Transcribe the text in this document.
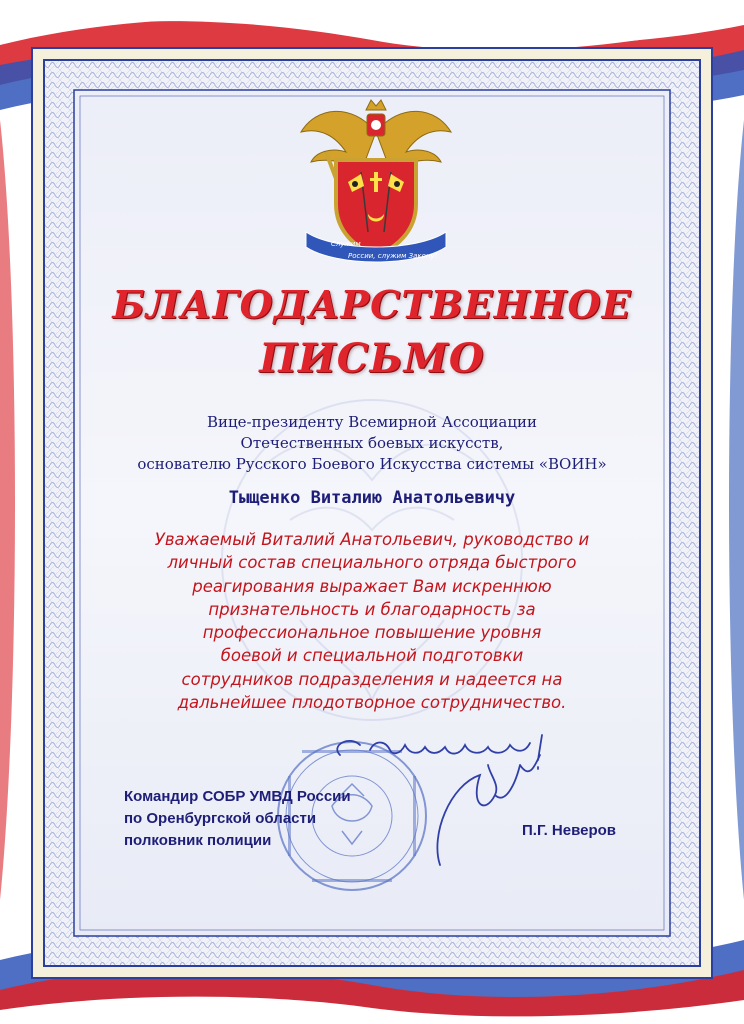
Служим
России, служим Закону!
БЛАГОДАРСТВЕННОЕ
ПИСЬМО
Вице-президенту Всемирной Ассоциации
Отечественных боевых искусств,
основателю Русского Боевого Искусства системы «ВОИН»
Тыщенко Виталию Анатольевичу
Уважаемый Виталий Анатольевич, руководство и
личный состав специального отряда быстрого
реагирования выражает Вам искреннюю
признательность и благодарность за
профессиональное повышение уровня
боевой и специальной подготовки
сотрудников подразделения и надеется на
дальнейшее плодотворное сотрудничество.
Командир СОБР УМВД России
по Оренбургской области
полковник полиции
П.Г. Неверов
